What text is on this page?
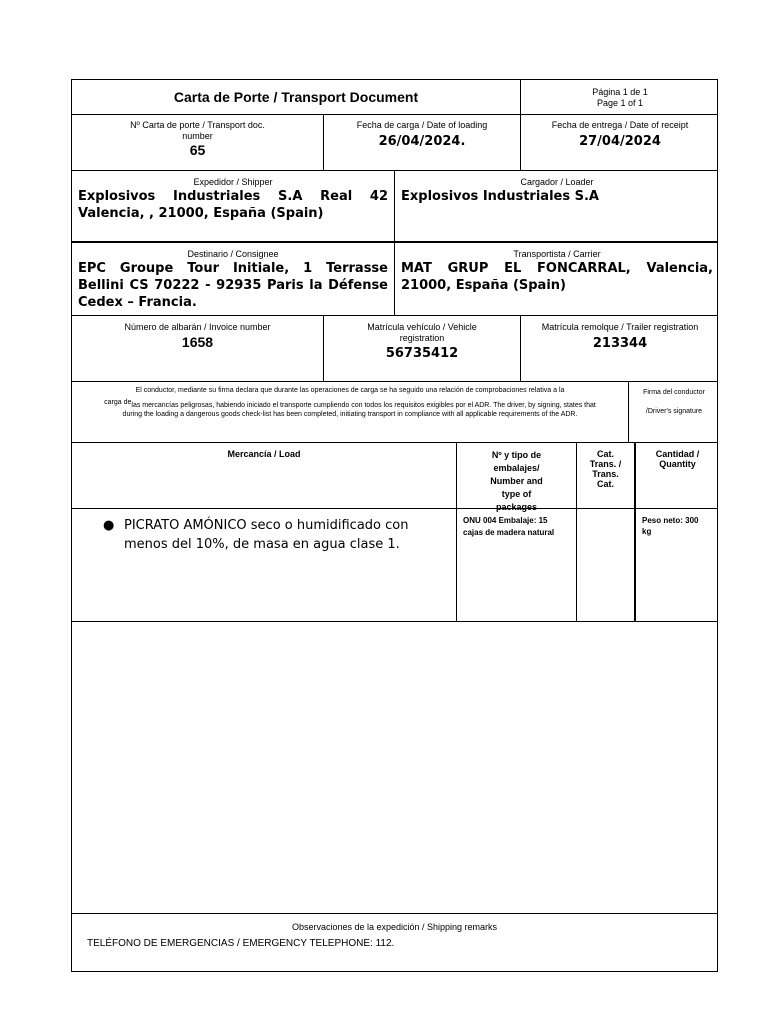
Carta de Porte / Transport Document	Página 1 de 1
Page 1 of 1
Nº Carta de porte / Transport doc. number
65
Fecha de carga / Date of loading
26/04/2024.
Fecha de entrega / Date of receipt
27/04/2024
Expedidor / Shipper
Explosivos Industriales S.A Real 42 Valencia, , 21000, España (Spain)
Cargador / Loader
Explosivos Industriales S.A
Destinario / Consignee
EPC Groupe Tour Initiale, 1 Terrasse Bellini CS 70222 - 92935 Paris la Défense Cedex – Francia.
Transportista / Carrier
MAT GRUP EL FONCARRAL, Valencia, 21000, España (Spain)
Número de albarán / Invoice number
1658
Matrícula vehículo / Vehicle registration
56735412
Matrícula remolque / Trailer registration
213344
El conductor, mediante su firma declara que durante las operaciones de carga se ha seguido una relación de comprobaciones relativa a la
carga delas mercancías peligrosas, habiendo iniciado el transporte cumpliendo con todos los requisitos exigibles por el ADR. The driver, by signing, states that during the loading a dangerous goods check-list has been completed, initiating transport in compliance with all applicable requirements of the ADR.
Firma del conductor
/Driver's signature
Mercancía / Load	Nº y tipo de embalajes/ Number and type of packages
Cat. Trans. / Trans. Cat.
Cantidad / Quantity
● PICRATO AMÓNICO seco o humidificado con menos del 10%, de masa en agua clase 1.
ONU 004 Embalaje: 15 cajas de madera natural
Peso neto: 300 kg
Observaciones de la expedición / Shipping remarks
TELÉFONO DE EMERGENCIAS / EMERGENCY TELEPHONE: 112.
